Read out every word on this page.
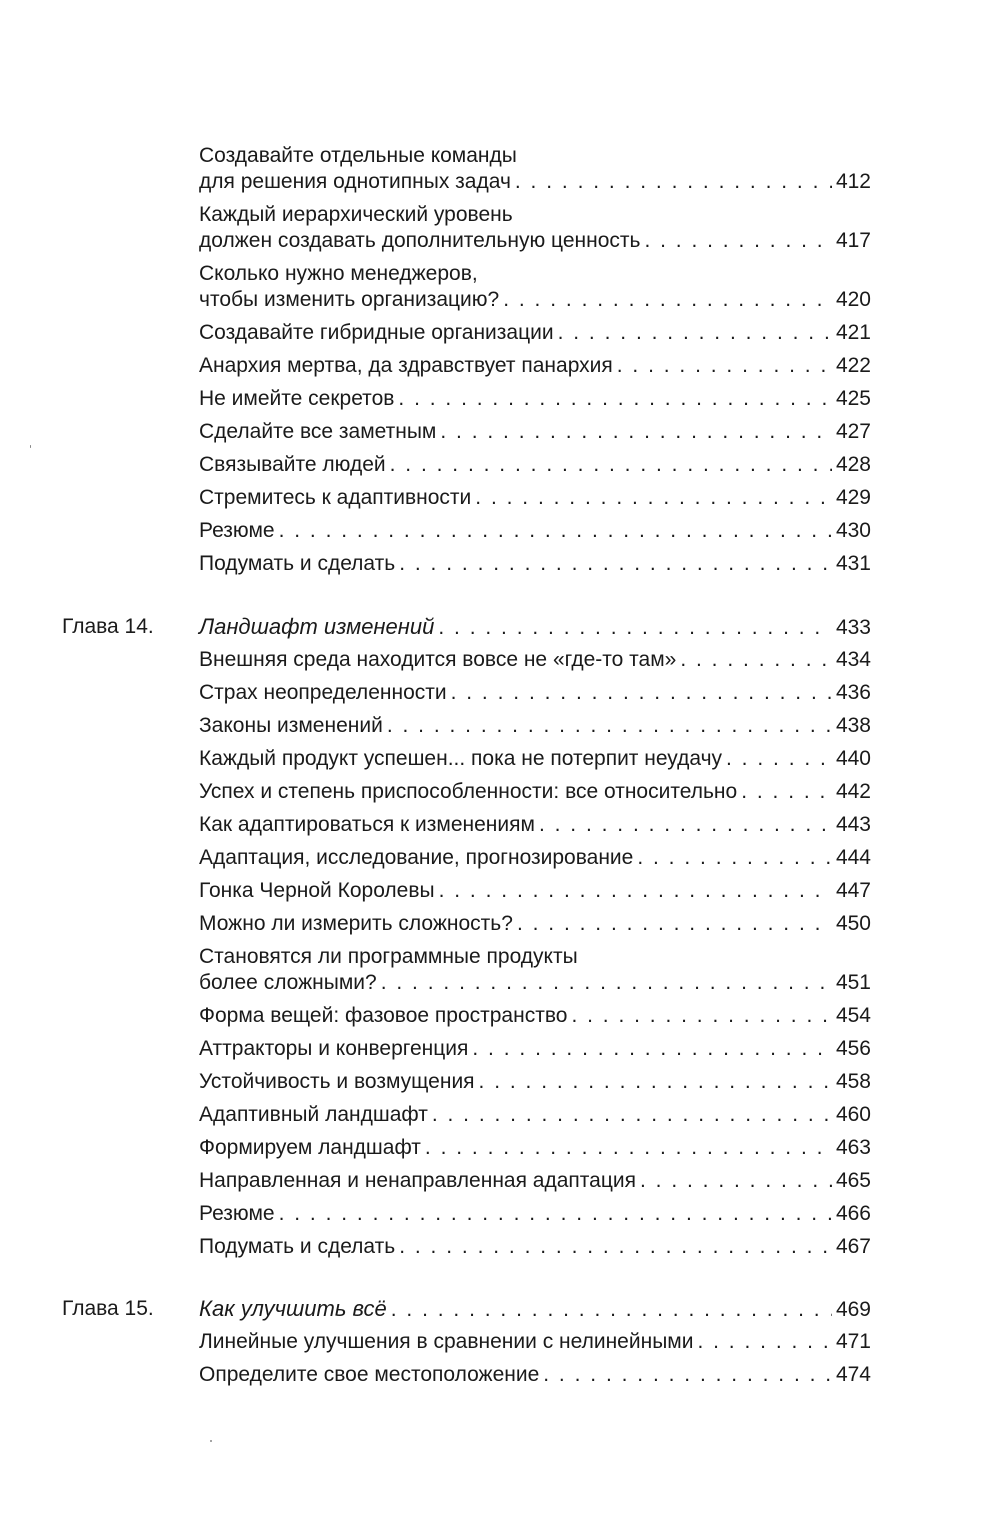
Создавайте отдельные команды
для решения однотипных задач . . .	412
Каждый иерархический уровень
должен создавать дополнительную ценность . . .	417
Сколько нужно менеджеров,
чтобы изменить организацию? . . .	420
Создавайте гибридные организации . . .	421
Анархия мертва, да здравствует панархия . . .	422
Не имейте секретов . . .	425
Сделайте все заметным . . .	427
Связывайте людей . . .	428
Стремитесь к адаптивности . . .	429
Резюме . . .	430
Подумать и сделать . . .	431
Глава 14. Ландшафт изменений . . .	433
Внешняя среда находится вовсе не «где-то там» . . .	434
Страх неопределенности . . .	436
Законы изменений . . .	438
Каждый продукт успешен... пока не потерпит неудачу . . .	440
Успех и степень приспособленности: все относительно . . .	442
Как адаптироваться к изменениям . . .	443
Адаптация, исследование, прогнозирование . . .	444
Гонка Черной Королевы . . .	447
Можно ли измерить сложность? . . .	450
Становятся ли программные продукты
более сложными? . . .	451
Форма вещей: фазовое пространство . . .	454
Аттракторы и конвергенция . . .	456
Устойчивость и возмущения . . .	458
Адаптивный ландшафт . . .	460
Формируем ландшафт . . .	463
Направленная и ненаправленная адаптация . . .	465
Резюме . . .	466
Подумать и сделать . . .	467
Глава 15. Как улучшить всё . . .	469
Линейные улучшения в сравнении с нелинейными . . .	471
Определите свое местоположение . . .	474
